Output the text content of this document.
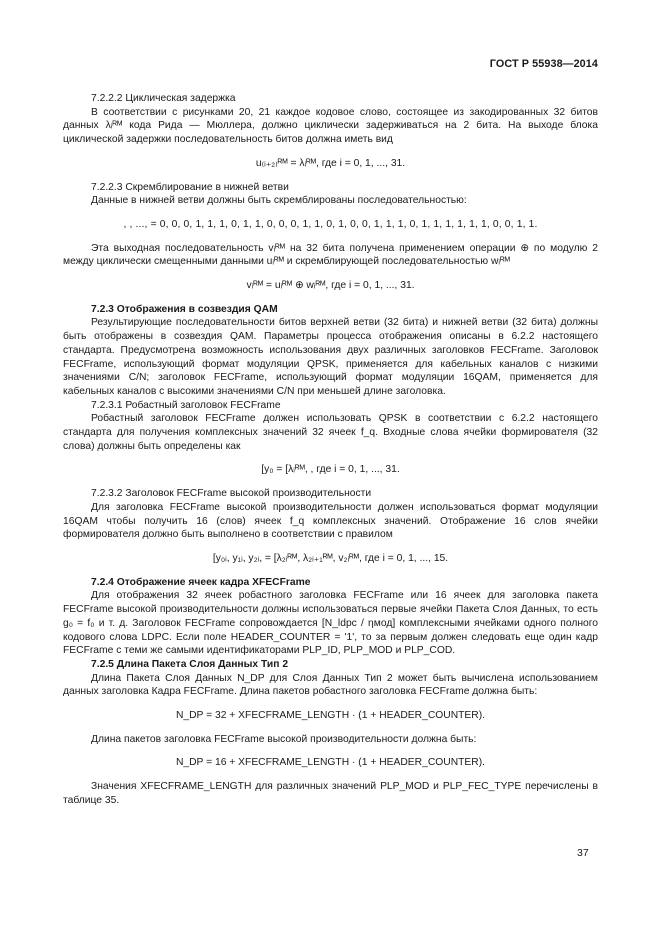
ГОСТ Р 55938—2014

7.2.2.2 Циклическая задержка

В соответствии с рисунками 20, 21 каждое кодовое слово, состоящее из закодированных 32 битов данных λᵢᴿᴹ кода Рида — Мюллера, должно циклически задерживаться на 2 бита. На выходе блока циклической задержки последовательность битов должна иметь вид

u₍ᵢ₊₂₎ᴿᴹ = λᵢᴿᴹ, где i = 0, 1, ..., 31.

7.2.2.3 Скремблирование в нижней ветви

Данные в нижней ветви должны быть скремблированы последовательностью:

, , ..., = 0, 0, 0, 1, 1, 1, 0, 1, 1, 0, 0, 0, 1, 1, 0, 1, 0, 0, 1, 1, 1, 0, 1, 1, 1, 1, 1, 1, 0, 0, 1, 1.

Эта выходная последовательность vᵢᴿᴹ на 32 бита получена применением операции ⊕ по модулю 2 между циклически смещенными данными uᵢᴿᴹ и скремблирующей последовательностью wᵢᴿᴹ

vᵢᴿᴹ = uᵢᴿᴹ ⊕ wᵢᴿᴹ, где i = 0, 1, ..., 31.

7.2.3 Отображения в созвездия QAM

Результирующие последовательности битов верхней ветви (32 бита) и нижней ветви (32 бита) должны быть отображены в созвездия QAM. Параметры процесса отображения описаны в 6.2.2 настоящего стандарта. Предусмотрена возможность использования двух различных заголовков FECFrame. Заголовок FECFrame, использующий формат модуляции QPSK, применяется для кабельных каналов с низкими значениями C/N; заголовок FECFrame, использующий формат модуляции 16QAM, применяется для кабельных каналов с высокими значениями C/N при меньшей длине заголовка.

7.2.3.1 Робастный заголовок FECFrame

Робастный заголовок FECFrame должен использовать QPSK в соответствии с 6.2.2 настоящего стандарта для получения комплексных значений 32 ячеек f_q. Входные слова ячейки формирователя (32 слова) должны быть определены как

[y₀ = [λᵢᴿᴹ, , где i = 0, 1, ..., 31.

7.2.3.2 Заголовок FECFrame высокой производительности

Для заголовка FECFrame высокой производительности должен использоваться формат модуляции 16QAM чтобы получить 16 (слов) ячеек f_q комплексных значений. Отображение 16 слов ячейки формирователя должно быть выполнено в соответствии с правилом

[y₀ᵢ, y₁ᵢ, y₂ᵢ, = [λ₂ᵢᴿᴹ, λ₂ᵢ₊₁ᴿᴹ, v₂ᵢᴿᴹ, где i = 0, 1, ..., 15.

7.2.4 Отображение ячеек кадра XFECFrame

Для отображения 32 ячеек робастного заголовка FECFrame или 16 ячеек для заголовка пакета FECFrame высокой производительности должны использоваться первые ячейки Пакета Слоя Данных, то есть g₀ = f₀ и т. д. Заголовок FECFrame сопровождается [N_ldpc / ηмод] комплексными ячейками одного полного кодового слова LDPC. Если поле HEADER_COUNTER = '1', то за первым должен следовать еще один кадр FECFrame с теми же самыми идентификаторами PLP_ID, PLP_MOD и PLP_COD.

7.2.5 Длина Пакета Слоя Данных Тип 2

Длина Пакета Слоя Данных N_DP для Слоя Данных Тип 2 может быть вычислена использованием данных заголовка Кадра FECFrame. Длина пакетов робастного заголовка FECFrame должна быть:

N_DP = 32 + XFECFRAME_LENGTH · (1 + HEADER_COUNTER).

Длина пакетов заголовка FECFrame высокой производительности должна быть:

N_DP = 16 + XFECFRAME_LENGTH · (1 + HEADER_COUNTER).

Значения XFECFRAME_LENGTH для различных значений PLP_MOD и PLP_FEC_TYPE перечислены в таблице 35.

37
